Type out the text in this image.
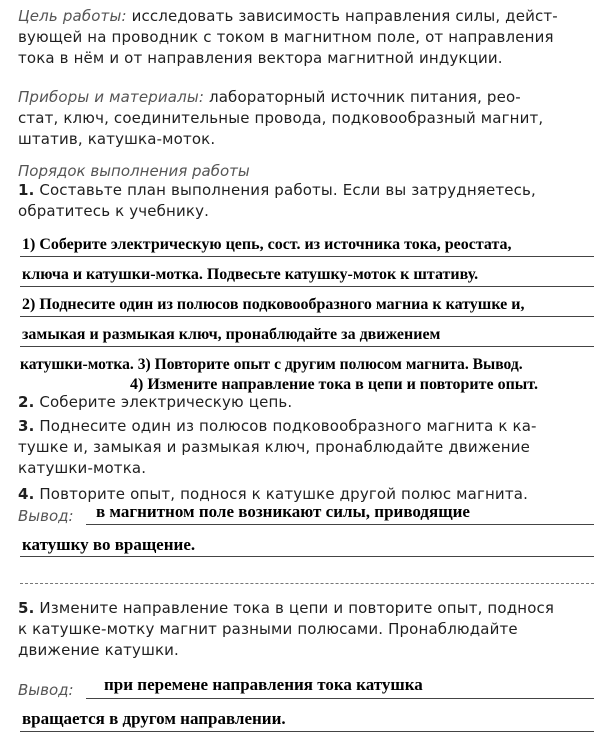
Цель работы: исследовать зависимость направления силы, дейст-
вующей на проводник с током в магнитном поле, от направления
тока в нём и от направления вектора магнитной индукции.
Приборы и материалы: лабораторный источник питания, рео-
стат, ключ, соединительные провода, подковообразный магнит,
штатив, катушка-моток.
Порядок выполнения работы
1. Составьте план выполнения работы. Если вы затрудняетесь,
обратитесь к учебнику.
1) Соберите электрическую цепь, сост. из источника тока, реостата,
ключа и катушки-мотка. Подвесьте катушку-моток к штативу.
2) Поднесите один из полюсов подковообразного магниа к катушке и,
замыкая и размыкая ключ, пронаблюдайте за движением
катушки-мотка. 3) Повторите опыт с другим полюсом магнита. Вывод.
4) Измените направление тока в цепи и повторите опыт.
2. Соберите электрическую цепь.
3. Поднесите один из полюсов подковообразного магнита к ка-
тушке и, замыкая и размыкая ключ, пронаблюдайте движение
катушки-мотка.
4. Повторите опыт, поднося к катушке другой полюс магнита.
Вывод: в магнитном поле возникают силы, приводящие
катушку во вращение.
5. Измените направление тока в цепи и повторите опыт, поднося
к катушке-мотку магнит разными полюсами. Пронаблюдайте
движение катушки.
Вывод: при перемене направления тока катушка
вращается в другом направлении.
